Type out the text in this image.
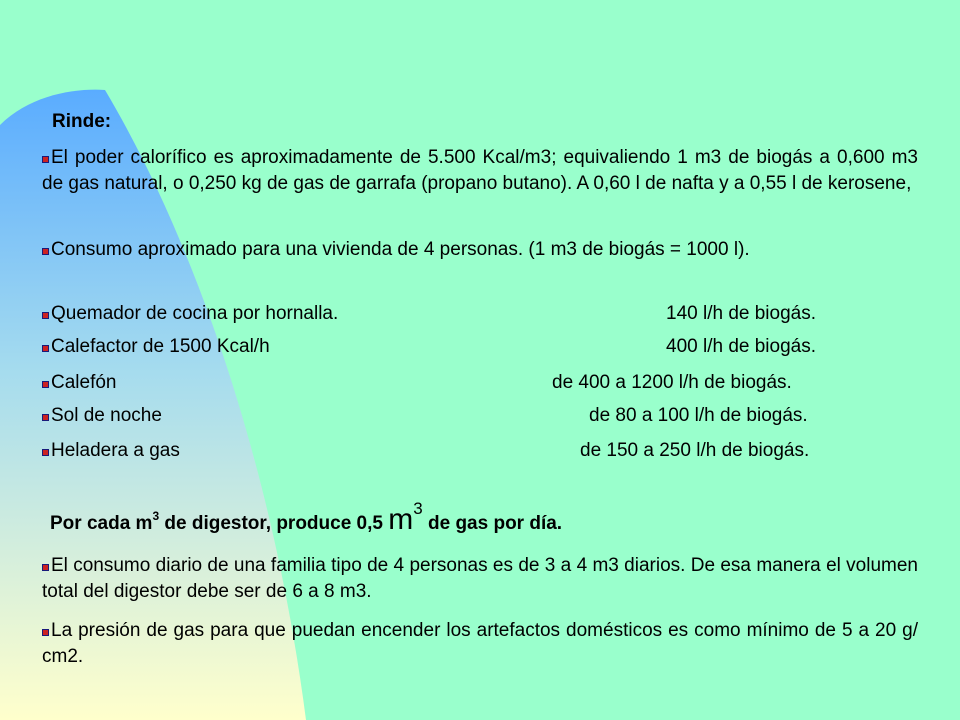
Rinde:
El poder calorífico es aproximadamente de 5.500 Kcal/m3; equivaliendo 1 m3 de biogás a 0,600 m3 de gas natural, o 0,250 kg de gas de garrafa (propano butano). A 0,60 l de nafta y a 0,55 l de kerosene,
Consumo aproximado para una vivienda de 4 personas. (1 m3 de biogás = 1000 l).
Quemador de cocina por hornalla.	140 l/h de biogás.
Calefactor de 1500 Kcal/h	400 l/h de biogás.
Calefón	de 400 a 1200 l/h de biogás.
Sol de noche	de 80 a 100 l/h de biogás.
Heladera a gas	de 150 a 250 l/h de biogás.
Por cada $m^3$ de digestor, produce 0,5 $m^3$ de gas por día.
El consumo diario de una familia tipo de 4 personas es de 3 a 4 m3 diarios. De esa manera el volumen total del digestor debe ser de 6 a 8 m3.
La presión de gas para que puedan encender los artefactos domésticos es como mínimo de 5 a 20 g/ cm2.
